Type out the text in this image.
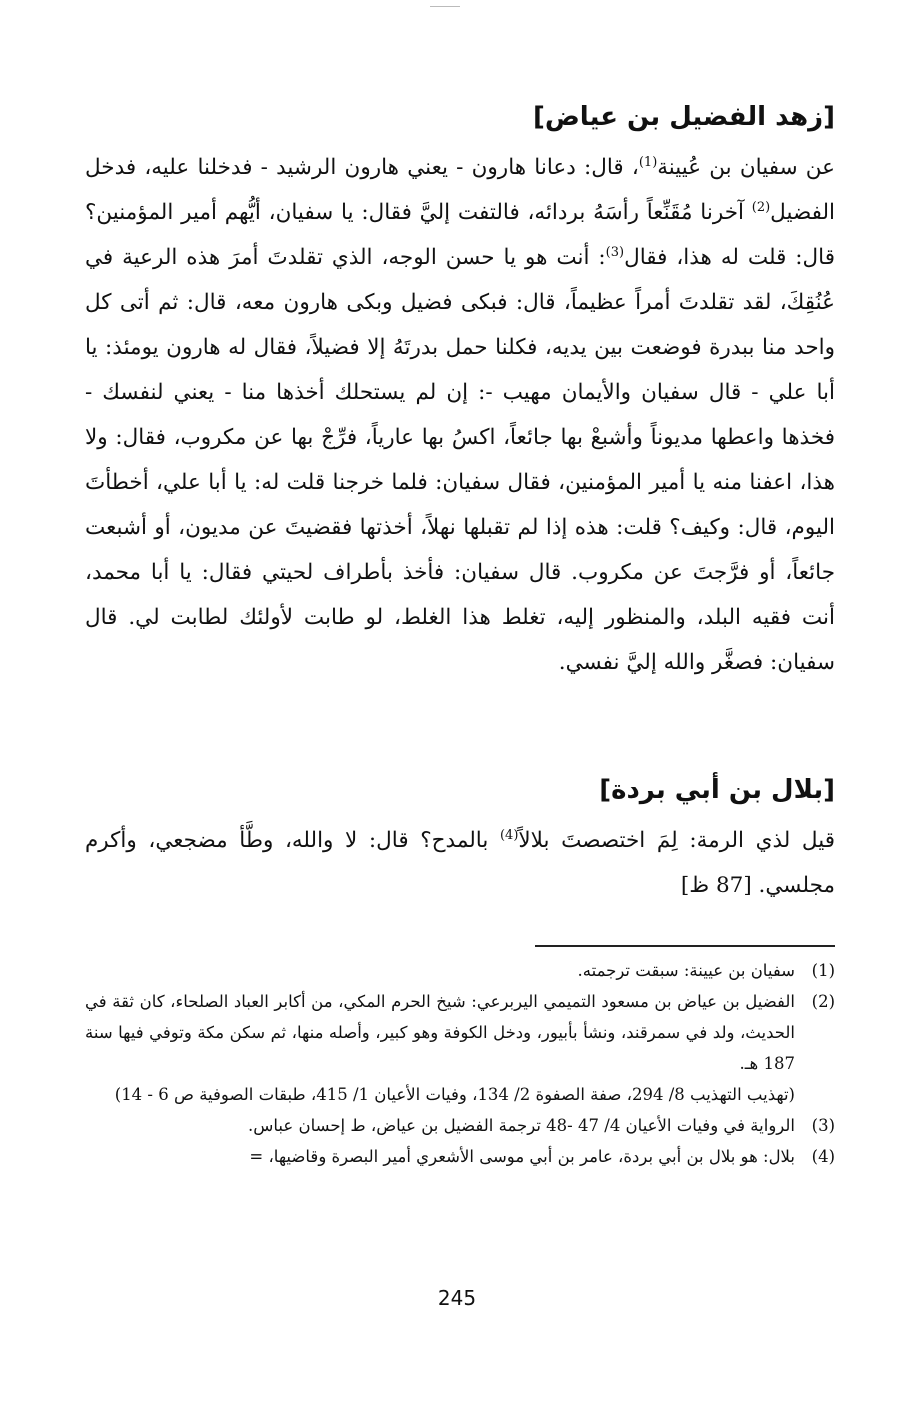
[زهد الفضيل بن عياض]

عن سفيان بن عُيينة$^{(1)}$، قال: دعانا هارون - يعني هارون الرشيد - فدخلنا عليه، فدخل الفضيل$^{(2)}$ آخرنا مُقَنِّعاً رأسَهُ بردائه، فالتفت إليَّ فقال: يا سفيان، أيُّهم أمير المؤمنين؟ قال: قلت له هذا، فقال$^{(3)}$: أنت هو يا حسن الوجه، الذي تقلدتَ أمرَ هذه الرعية في عُنُقِكَ، لقد تقلدتَ أمراً عظيماً، قال: فبكى فضيل وبكى هارون معه، قال: ثم أتى كل واحد منا ببدرة فوضعت بين يديه، فكلنا حمل بدرتَهُ إلا فضيلاً، فقال له هارون يومئذ: يا أبا علي - قال سفيان والأيمان مهيب -: إن لم يستحلك أخذها منا - يعني لنفسك - فخذها واعطها مديوناً وأشبعْ بها جائعاً، اكسُ بها عارياً، فرِّجْ بها عن مكروب، فقال: ولا هذا، اعفنا منه يا أمير المؤمنين، فقال سفيان: فلما خرجنا قلت له: يا أبا علي، أخطأتَ اليوم، قال: وكيف؟ قلت: هذه إذا لم تقبلها نهلاً، أخذتها فقضيتَ عن مديون، أو أشبعت جائعاً، أو فرَّجتَ عن مكروب. قال سفيان: فأخذ بأطراف لحيتي فقال: يا أبا محمد، أنت فقيه البلد، والمنظور إليه، تغلط هذا الغلط، لو طابت لأولئك لطابت لي. قال سفيان: فصغَّر والله إليَّ نفسي.

[بلال بن أبي بردة]

قيل لذي الرمة: لِمَ اختصصتَ بلالاً$^{(4)}$ بالمدح؟ قال: لا والله، وطَّأ مضجعي، وأكرم مجلسي. [87 ظ]

(1)

سفيان بن عيينة: سبقت ترجمته.

(2)

الفضيل بن عياض بن مسعود التميمي اليربرعي: شيخ الحرم المكي، من أكابر العباد الصلحاء، كان ثقة في الحديث، ولد في سمرقند، ونشأ بأبيور، ودخل الكوفة وهو كبير، وأصله منها، ثم سكن مكة وتوفي فيها سنة 187 هـ.

(تهذيب التهذيب 8/ 294، صفة الصفوة 2/ 134، وفيات الأعيان 1/ 415، طبقات الصوفية ص 6 - 14)

(3)

الرواية في وفيات الأعيان 4/ 47 -48 ترجمة الفضيل بن عياض، ط إحسان عباس.

(4)

بلال: هو بلال بن أبي بردة، عامر بن أبي موسى الأشعري أمير البصرة وقاضيها، =

245
